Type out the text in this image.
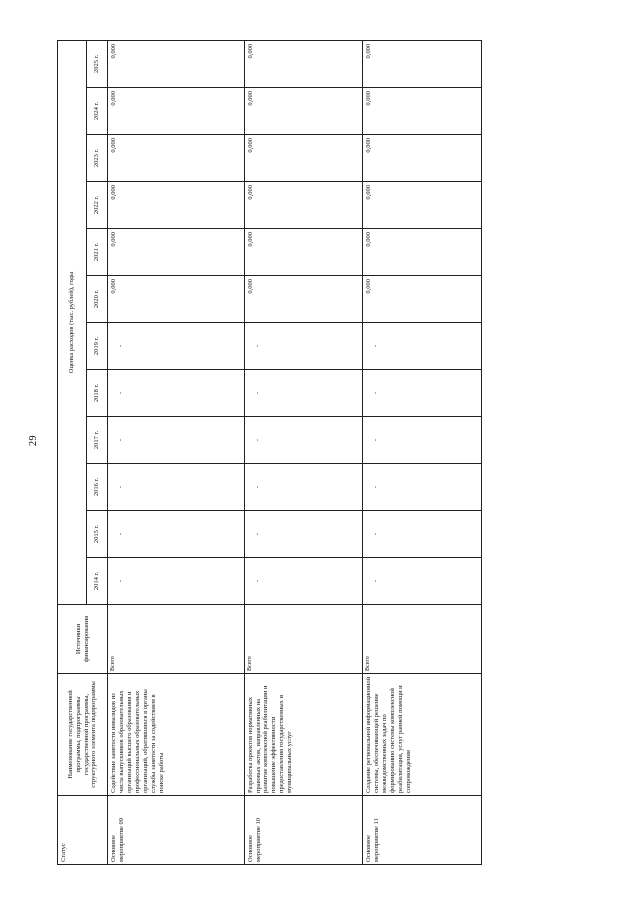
29
Статус	Наименование государственной программы, подпрограммы государственной программы, структурного элемента подпрограммы	Источники финансирования	Оценка расходов (тыс. рублей), годы											
			2014 г.	2015 г.	2016 г.	2017 г.	2018 г.	2019 г.	2020 г.	2021 г.	2022 г.	2023 г.	2024 г.	2025 г.
Основное мероприятие 09	Содействие занятости инвалидов из числа выпускников образовательных организаций высшего образования и профессиональных образовательных организаций, обратившихся в органы службы занятости за содействием в поиске работы	Всего	-	-	-	-	-	-	0,000	0,000	0,000	0,000	0,000	0,000
Основное мероприятие 10	Разработка проектов нормативных правовых актов, направленных на развитие комплексной реабилитации и повышение эффективности предоставления государственных и муниципальных услуг	Всего	-	-	-	-	-	-	0,000	0,000	0,000	0,000	0,000	0,000
Основное мероприятие 11	Создание региональной информационной системы, обеспечивающей решение межведомственных задач по формированию системы комплексной реабилитации, услуг ранней помощи и сопровождения	Всего	-	-	-	-	-	-	0,000	0,000	0,000	0,000	0,000	0,000
